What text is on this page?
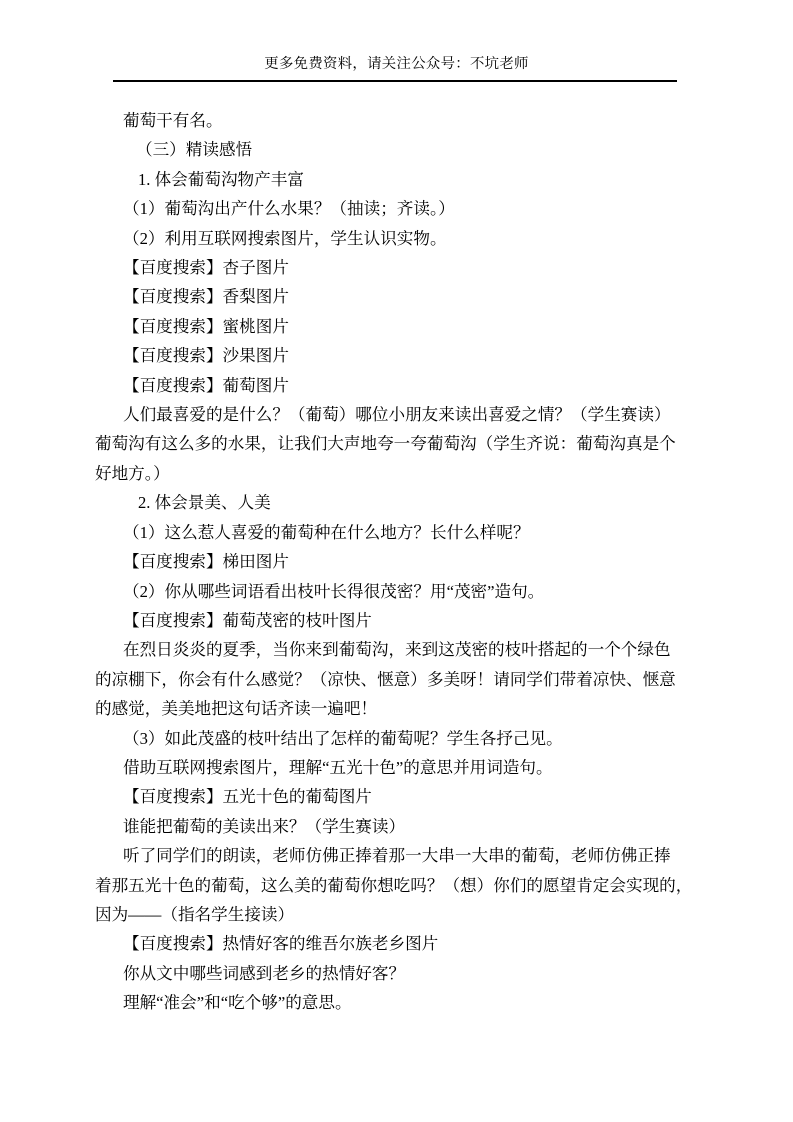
更多免费资料，请关注公众号：不坑老师
葡萄干有名。
（三）精读感悟
1. 体会葡萄沟物产丰富
（1）葡萄沟出产什么水果？（抽读；齐读。）
（2）利用互联网搜索图片，学生认识实物。
【百度搜索】杏子图片
【百度搜索】香梨图片
【百度搜索】蜜桃图片
【百度搜索】沙果图片
【百度搜索】葡萄图片
人们最喜爱的是什么？（葡萄）哪位小朋友来读出喜爱之情？（学生赛读）
葡萄沟有这么多的水果，让我们大声地夸一夸葡萄沟（学生齐说：葡萄沟真是个
好地方。）
2. 体会景美、人美
（1）这么惹人喜爱的葡萄种在什么地方？长什么样呢？
【百度搜索】梯田图片
（2）你从哪些词语看出枝叶长得很茂密？用“茂密”造句。
【百度搜索】葡萄茂密的枝叶图片
在烈日炎炎的夏季，当你来到葡萄沟，来到这茂密的枝叶搭起的一个个绿色
的凉棚下，你会有什么感觉？（凉快、惬意）多美呀！请同学们带着凉快、惬意
的感觉，美美地把这句话齐读一遍吧！
（3）如此茂盛的枝叶结出了怎样的葡萄呢？学生各抒己见。
借助互联网搜索图片，理解“五光十色”的意思并用词造句。
【百度搜索】五光十色的葡萄图片
谁能把葡萄的美读出来？（学生赛读）
听了同学们的朗读，老师仿佛正捧着那一大串一大串的葡萄，老师仿佛正捧
着那五光十色的葡萄，这么美的葡萄你想吃吗？（想）你们的愿望肯定会实现的，
因为——（指名学生接读）
【百度搜索】热情好客的维吾尔族老乡图片
你从文中哪些词感到老乡的热情好客？
理解“准会”和“吃个够”的意思。
